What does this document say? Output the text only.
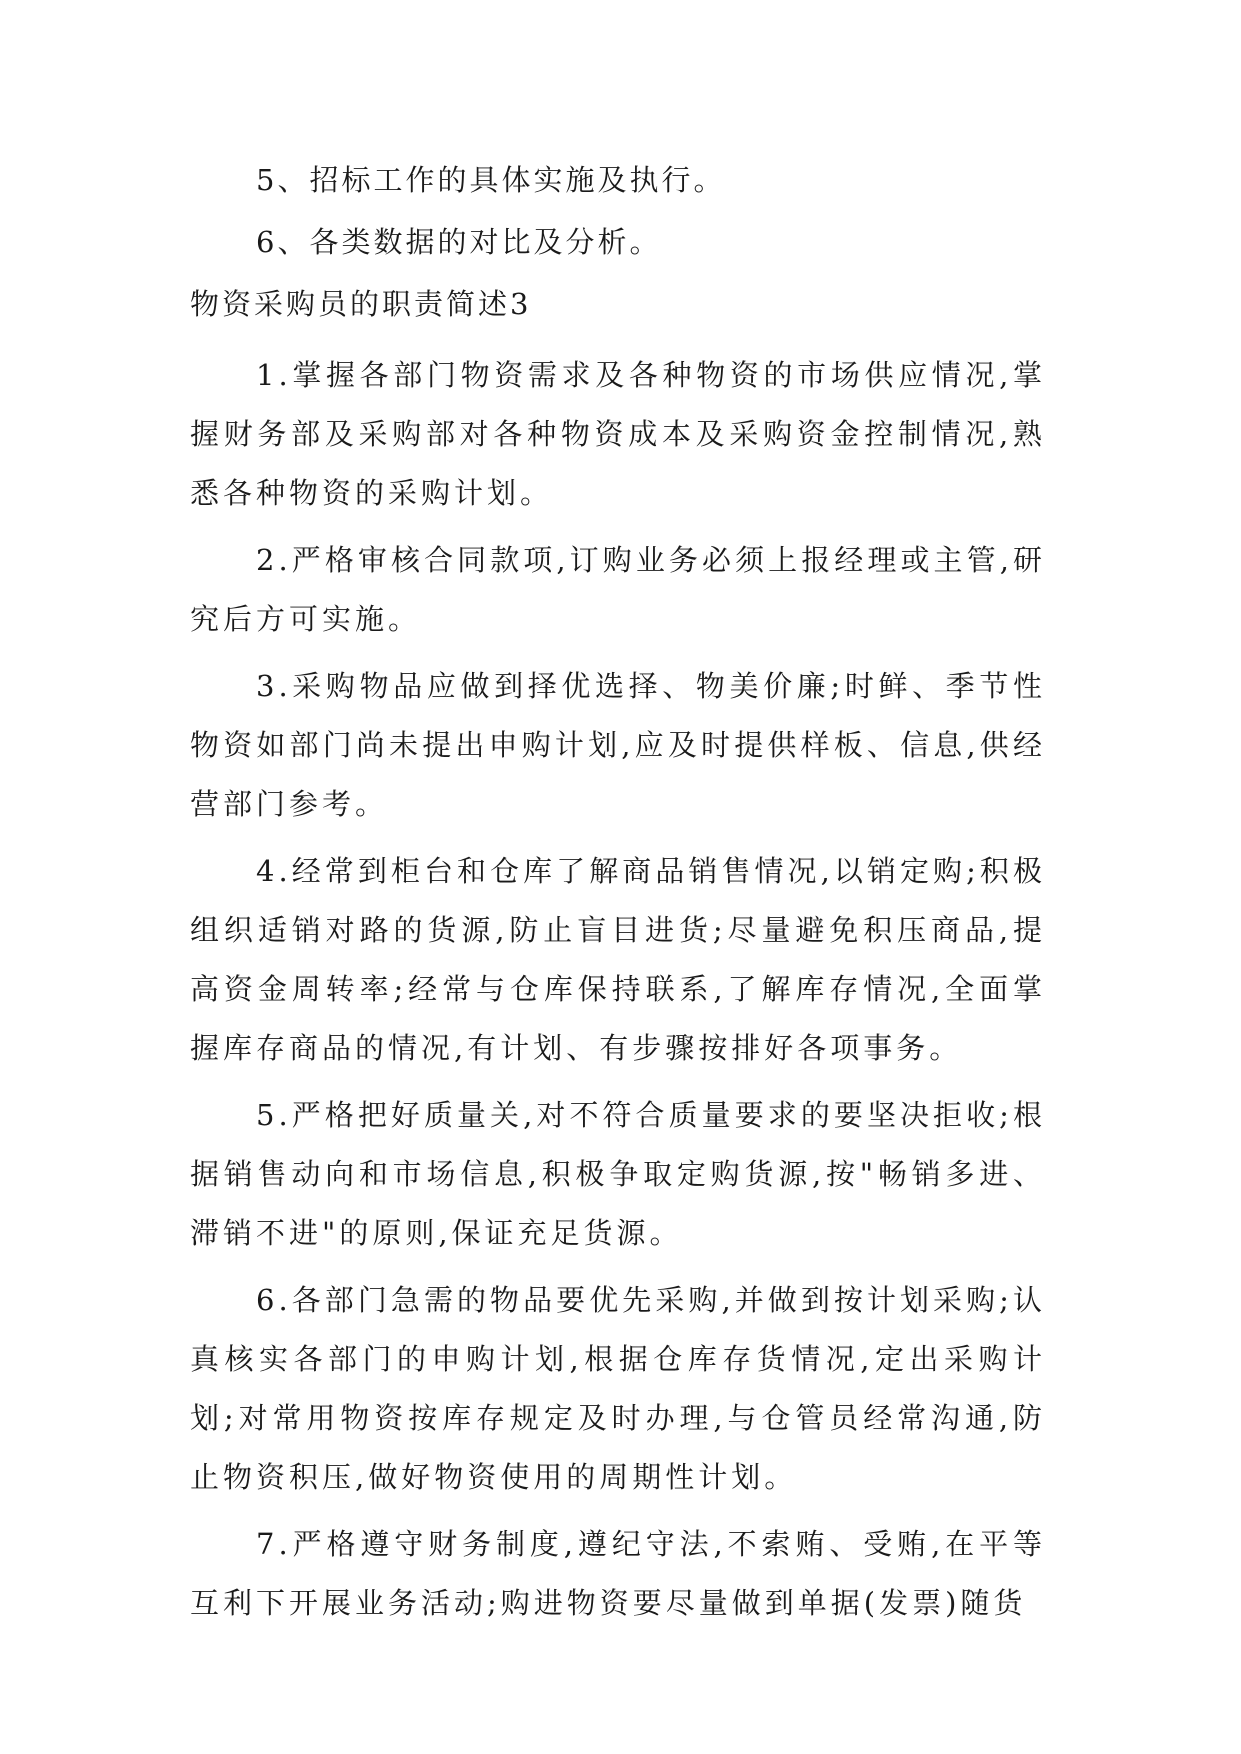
5、招标工作的具体实施及执行。

6、各类数据的对比及分析。

物资采购员的职责简述3

1.掌握各部门物资需求及各种物资的市场供应情况,掌握财务部及采购部对各种物资成本及采购资金控制情况,熟悉各种物资的采购计划。

2.严格审核合同款项,订购业务必须上报经理或主管,研究后方可实施。

3.采购物品应做到择优选择、物美价廉;时鲜、季节性物资如部门尚未提出申购计划,应及时提供样板、信息,供经营部门参考。

4.经常到柜台和仓库了解商品销售情况,以销定购;积极组织适销对路的货源,防止盲目进货;尽量避免积压商品,提高资金周转率;经常与仓库保持联系,了解库存情况,全面掌握库存商品的情况,有计划、有步骤按排好各项事务。

5.严格把好质量关,对不符合质量要求的要坚决拒收;根据销售动向和市场信息,积极争取定购货源,按"畅销多进、滞销不进"的原则,保证充足货源。

6.各部门急需的物品要优先采购,并做到按计划采购;认真核实各部门的申购计划,根据仓库存货情况,定出采购计划;对常用物资按库存规定及时办理,与仓管员经常沟通,防止物资积压,做好物资使用的周期性计划。

7.严格遵守财务制度,遵纪守法,不索贿、受贿,在平等互利下开展业务活动;购进物资要尽量做到单据(发票)随货
